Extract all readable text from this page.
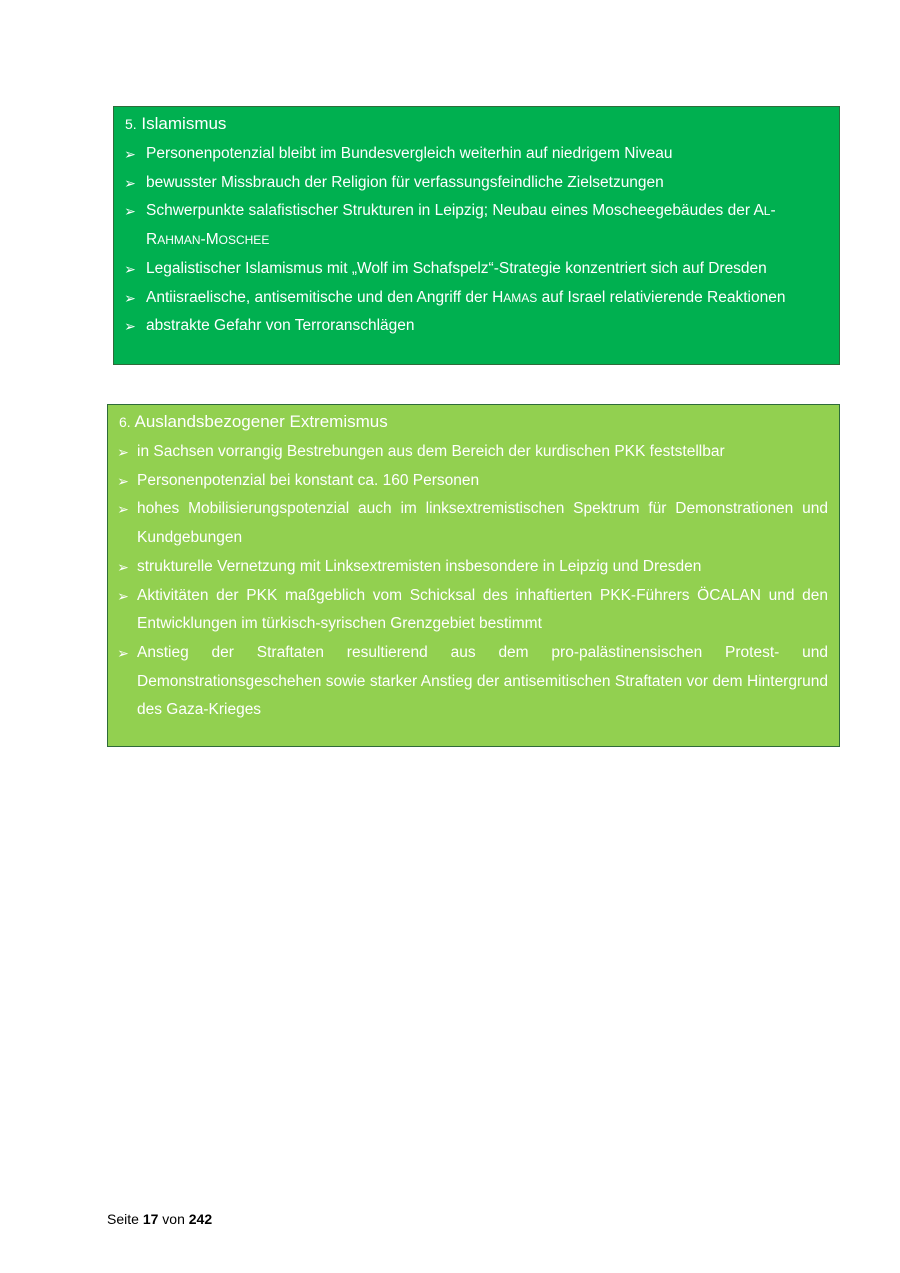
5. Islamismus
➢ Personenpotenzial bleibt im Bundesvergleich weiterhin auf niedrigem Niveau
➢ bewusster Missbrauch der Religion für verfassungsfeindliche Zielsetzungen
➢ Schwerpunkte salafistischer Strukturen in Leipzig; Neubau eines Moscheegebäudes der AL-
RAHMAN-MOSCHEE
➢ Legalistischer Islamismus mit „Wolf im Schafspelz“-Strategie konzentriert sich auf Dresden
➢ Antiisraelische, antisemitische und den Angriff der HAMAS auf Israel relativierende Reaktionen
➢ abstrakte Gefahr von Terroranschlägen
6. Auslandsbezogener Extremismus
➢ in Sachsen vorrangig Bestrebungen aus dem Bereich der kurdischen PKK feststellbar
➢ Personenpotenzial bei konstant ca. 160 Personen
➢ hohes Mobilisierungspotenzial auch im linksextremistischen Spektrum für Demonstrationen und Kundgebungen
➢ strukturelle Vernetzung mit Linksextremisten insbesondere in Leipzig und Dresden
➢ Aktivitäten der PKK maßgeblich vom Schicksal des inhaftierten PKK-Führers ÖCALAN und den Entwicklungen im türkisch-syrischen Grenzgebiet bestimmt
➢ Anstieg der Straftaten resultierend aus dem pro-palästinensischen Protest- und Demonstrationsgeschehen sowie starker Anstieg der antisemitischen Straftaten vor dem Hintergrund des Gaza-Krieges
Seite 17 von 242
